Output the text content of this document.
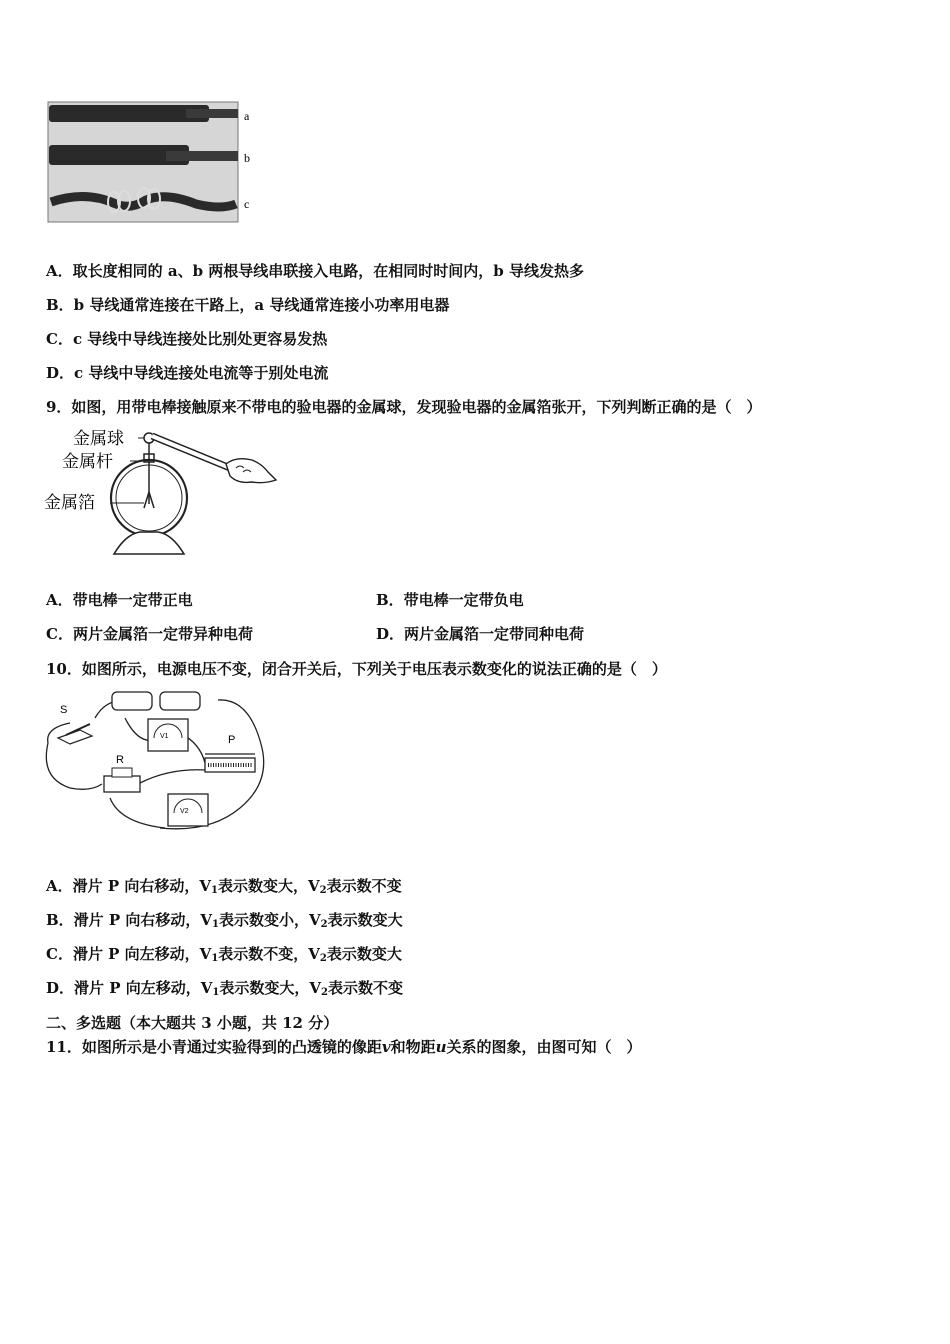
a
b
c
A．取长度相同的 a、b 两根导线串联接入电路，在相同时时间内，b 导线发热多
B．b 导线通常连接在干路上，a 导线通常连接小功率用电器
C．c 导线中导线连接处比别处更容易发热
D．c 导线中导线连接处电流等于别处电流
9．如图，用带电棒接触原来不带电的验电器的金属球，发现验电器的金属箔张开，下列判断正确的是（　）
金属球
金属杆
金属箔
A．带电棒一定带正电	B．带电棒一定带负电
C．两片金属箔一定带异种电荷	D．两片金属箔一定带同种电荷
10．如图所示，电源电压不变，闭合开关后，下列关于电压表示数变化的说法正确的是（　）
S
V1
R
P
V2
A．滑片 P 向右移动，$V_1$表示数变大，$V_2$表示数不变
B．滑片 P 向右移动，$V_1$表示数变小，$V_2$表示数变大
C．滑片 P 向左移动，$V_1$表示数不变，$V_2$表示数变大
D．滑片 P 向左移动，$V_1$表示数变大，$V_2$表示数不变
二、多选题（本大题共 3 小题，共 12 分）
11．如图所示是小青通过实验得到的凸透镜的像距v和物距u关系的图象，由图可知（　）
